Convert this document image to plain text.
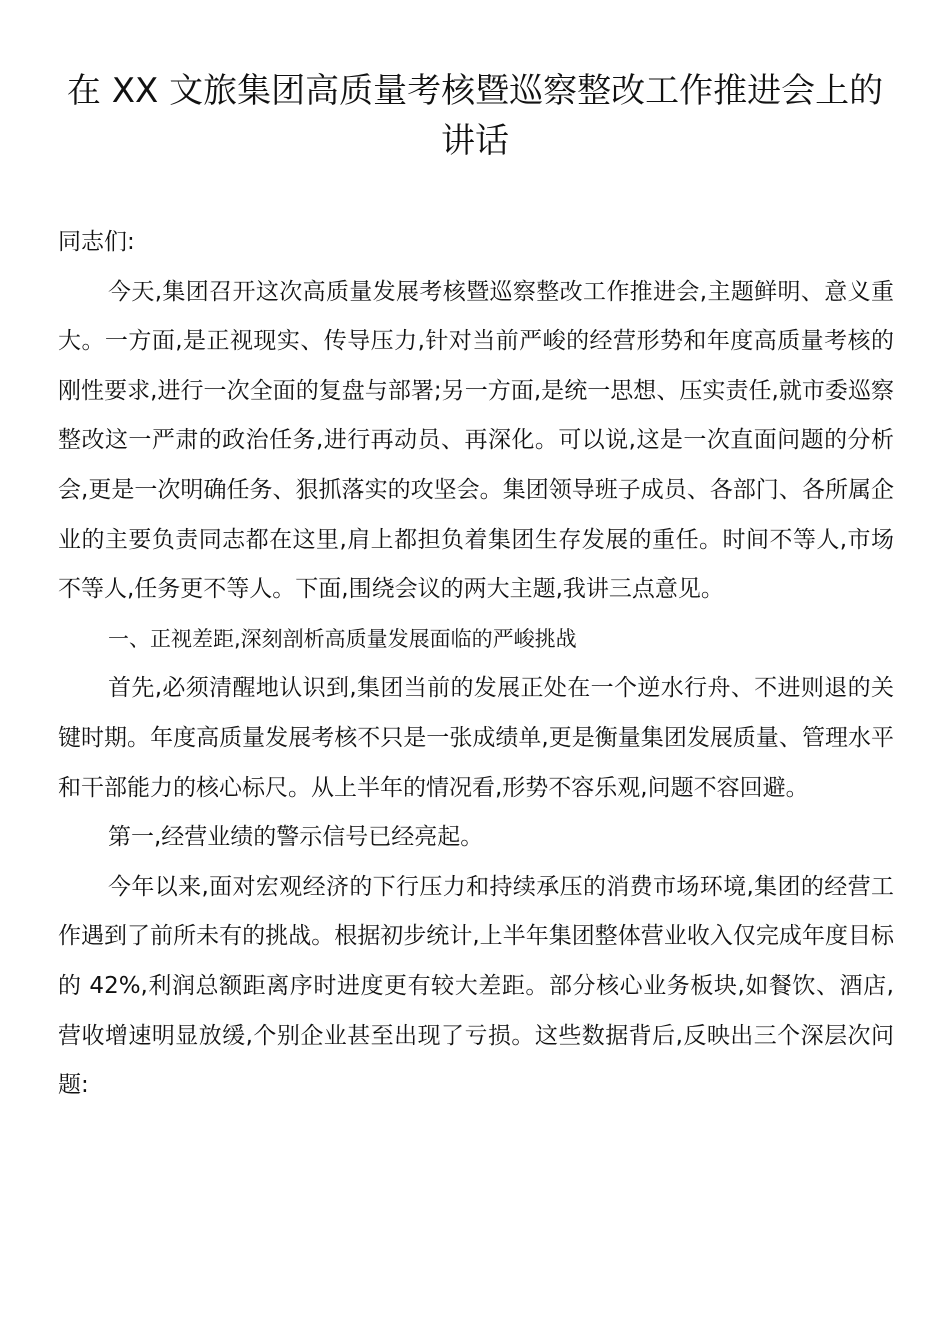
在 XX 文旅集团高质量考核暨巡察整改工作推进会上的
讲话

同志们:

今天,集团召开这次高质量发展考核暨巡察整改工作推进会,主题鲜明、意义重大。一方面,是正视现实、传导压力,针对当前严峻的经营形势和年度高质量考核的刚性要求,进行一次全面的复盘与部署;另一方面,是统一思想、压实责任,就市委巡察整改这一严肃的政治任务,进行再动员、再深化。可以说,这是一次直面问题的分析会,更是一次明确任务、狠抓落实的攻坚会。集团领导班子成员、各部门、各所属企业的主要负责同志都在这里,肩上都担负着集团生存发展的重任。时间不等人,市场不等人,任务更不等人。下面,围绕会议的两大主题,我讲三点意见。

一、正视差距,深刻剖析高质量发展面临的严峻挑战

首先,必须清醒地认识到,集团当前的发展正处在一个逆水行舟、不进则退的关键时期。年度高质量发展考核不只是一张成绩单,更是衡量集团发展质量、管理水平和干部能力的核心标尺。从上半年的情况看,形势不容乐观,问题不容回避。

第一,经营业绩的警示信号已经亮起。

今年以来,面对宏观经济的下行压力和持续承压的消费市场环境,集团的经营工作遇到了前所未有的挑战。根据初步统计,上半年集团整体营业收入仅完成年度目标的 42%,利润总额距离序时进度更有较大差距。部分核心业务板块,如餐饮、酒店,营收增速明显放缓,个别企业甚至出现了亏损。这些数据背后,反映出三个深层次问题:
